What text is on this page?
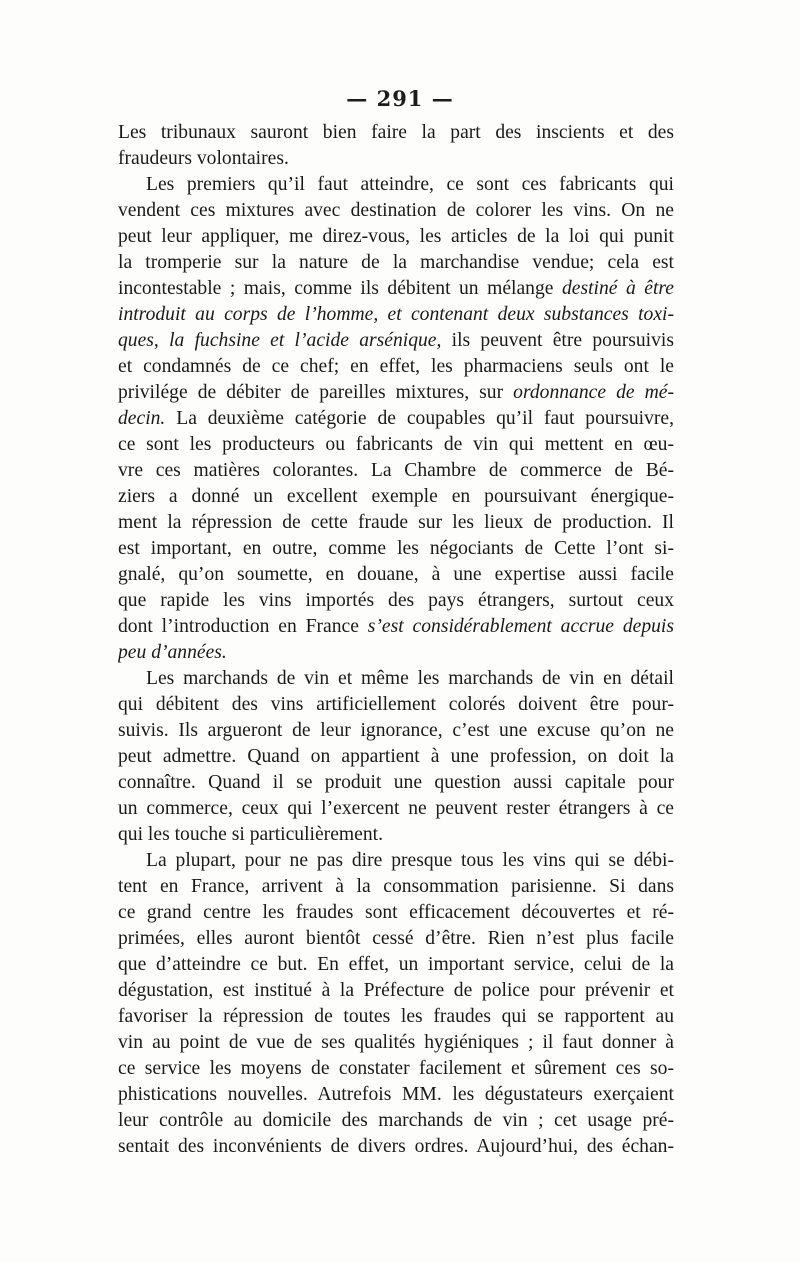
— 291 —
Les tribunaux sauront bien faire la part des inscients et des
fraudeurs volontaires.
Les premiers qu’il faut atteindre, ce sont ces fabricants qui
vendent ces mixtures avec destination de colorer les vins. On ne
peut leur appliquer, me direz-vous, les articles de la loi qui punit
la tromperie sur la nature de la marchandise vendue; cela est
incontestable ; mais, comme ils débitent un mélange destiné à être
introduit au corps de l’homme, et contenant deux substances toxi-
ques, la fuchsine et l’acide arsénique, ils peuvent être poursuivis
et condamnés de ce chef; en effet, les pharmaciens seuls ont le
privilége de débiter de pareilles mixtures, sur ordonnance de mé-
decin. La deuxième catégorie de coupables qu’il faut poursuivre,
ce sont les producteurs ou fabricants de vin qui mettent en œu-
vre ces matières colorantes. La Chambre de commerce de Bé-
ziers a donné un excellent exemple en poursuivant énergique-
ment la répression de cette fraude sur les lieux de production. Il
est important, en outre, comme les négociants de Cette l’ont si-
gnalé, qu’on soumette, en douane, à une expertise aussi facile
que rapide les vins importés des pays étrangers, surtout ceux
dont l’introduction en France s’est considérablement accrue depuis
peu d’années.
Les marchands de vin et même les marchands de vin en détail
qui débitent des vins artificiellement colorés doivent être pour-
suivis. Ils argueront de leur ignorance, c’est une excuse qu’on ne
peut admettre. Quand on appartient à une profession, on doit la
connaître. Quand il se produit une question aussi capitale pour
un commerce, ceux qui l’exercent ne peuvent rester étrangers à ce
qui les touche si particulièrement.
La plupart, pour ne pas dire presque tous les vins qui se débi-
tent en France, arrivent à la consommation parisienne. Si dans
ce grand centre les fraudes sont efficacement découvertes et ré-
primées, elles auront bientôt cessé d’être. Rien n’est plus facile
que d’atteindre ce but. En effet, un important service, celui de la
dégustation, est institué à la Préfecture de police pour prévenir et
favoriser la répression de toutes les fraudes qui se rapportent au
vin au point de vue de ses qualités hygiéniques ; il faut donner à
ce service les moyens de constater facilement et sûrement ces so-
phistications nouvelles. Autrefois MM. les dégustateurs exerçaient
leur contrôle au domicile des marchands de vin ; cet usage pré-
sentait des inconvénients de divers ordres. Aujourd’hui, des échan-
